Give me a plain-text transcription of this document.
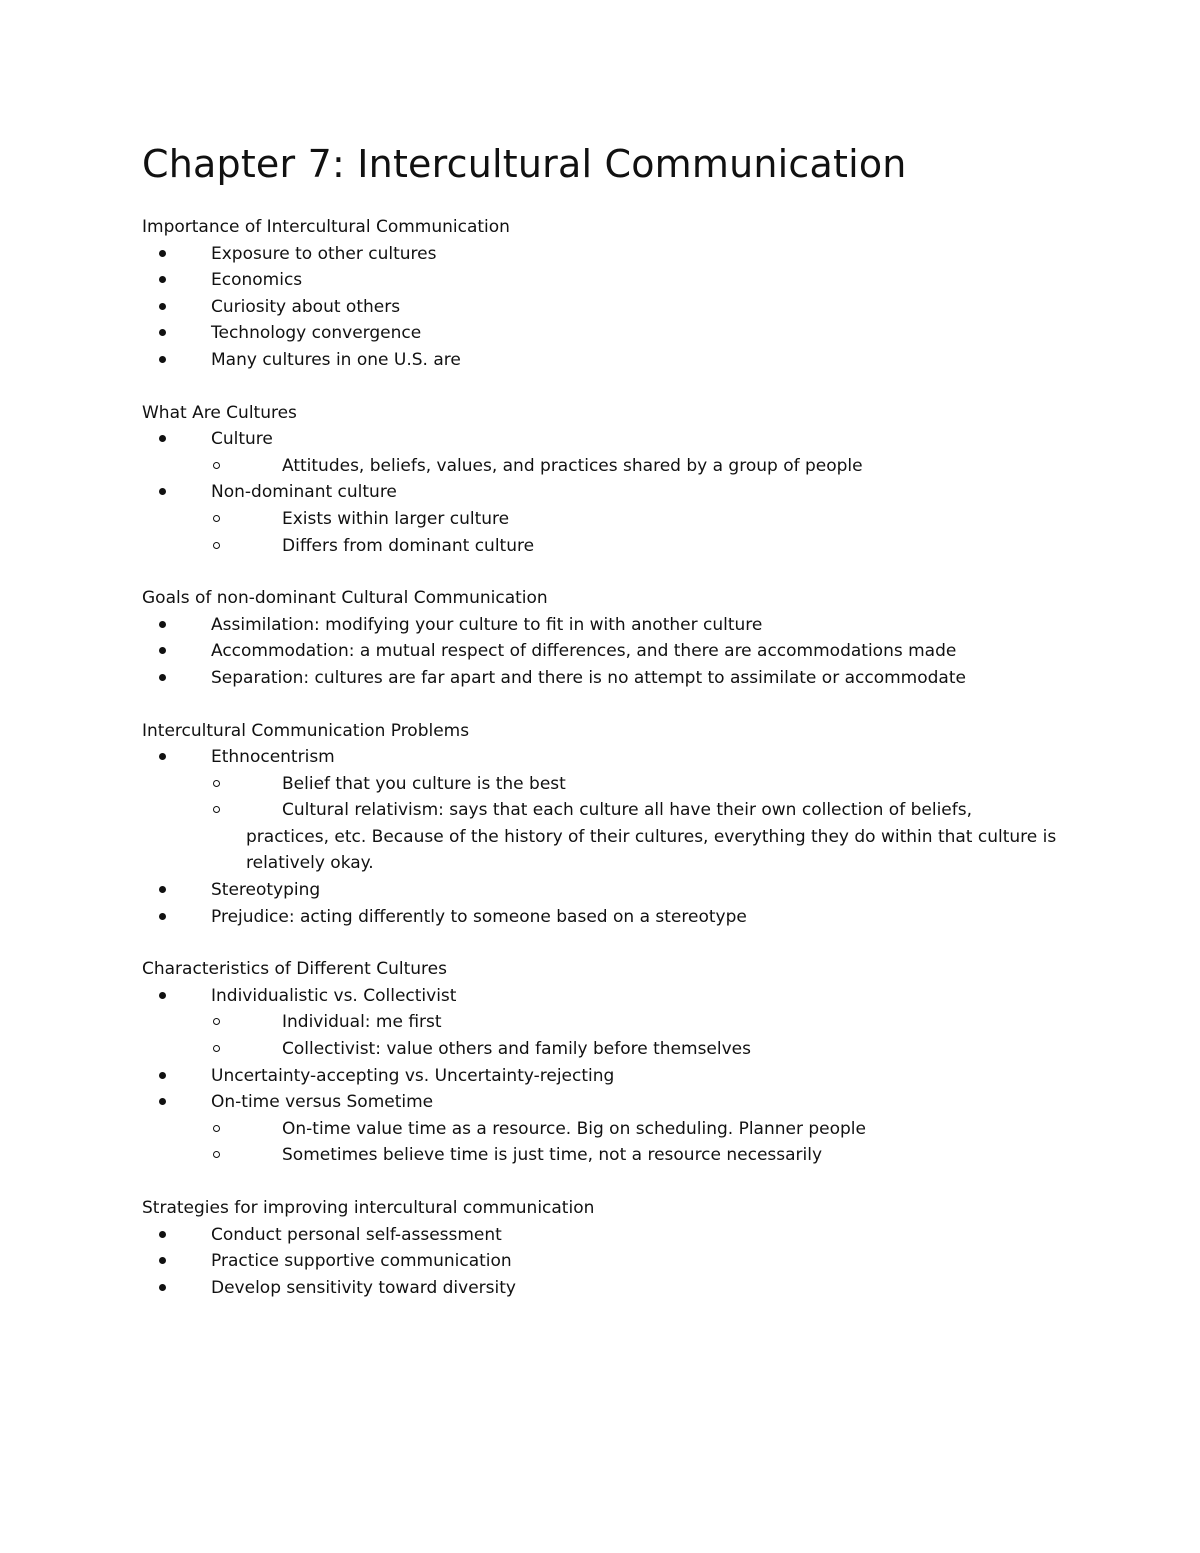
Chapter 7: Intercultural Communication
Importance of Intercultural Communication
Exposure to other cultures
Economics
Curiosity about others
Technology convergence
Many cultures in one U.S. are
What Are Cultures
Culture
Attitudes, beliefs, values, and practices shared by a group of people
Non-dominant culture
Exists within larger culture
Differs from dominant culture
Goals of non-dominant Cultural Communication
Assimilation: modifying your culture to fit in with another culture
Accommodation: a mutual respect of differences, and there are accommodations made
Separation: cultures are far apart and there is no attempt to assimilate or accommodate
Intercultural Communication Problems
Ethnocentrism
Belief that you culture is the best
Cultural relativism: says that each culture all have their own collection of beliefs,
practices, etc. Because of the history of their cultures, everything they do within that culture is relatively okay.
Stereotyping
Prejudice: acting differently to someone based on a stereotype
Characteristics of Different Cultures
Individualistic vs. Collectivist
Individual: me first
Collectivist: value others and family before themselves
Uncertainty-accepting vs. Uncertainty-rejecting
On-time versus Sometime
On-time value time as a resource. Big on scheduling. Planner people
Sometimes believe time is just time, not a resource necessarily
Strategies for improving intercultural communication
Conduct personal self-assessment
Practice supportive communication
Develop sensitivity toward diversity
